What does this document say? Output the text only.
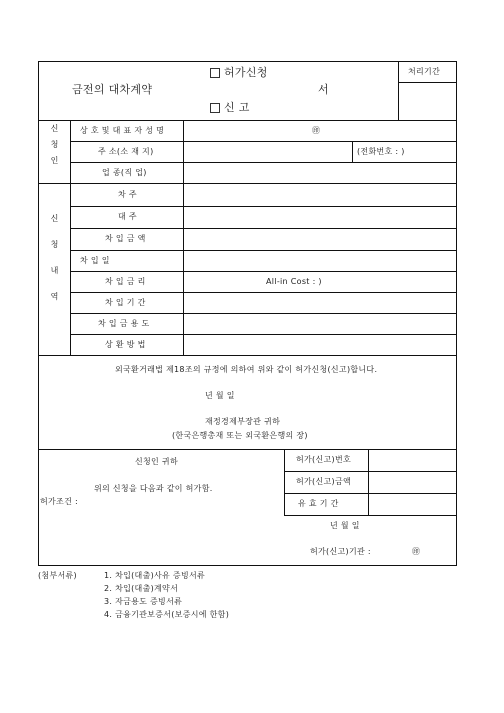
금전의 대차계약
허가신청
신 고
서
처리기간
신청인	상 호 및 대 표 자 성 명	㊞
주 소(소 재 지)	(전화번호 : )
업 종(직 업)
신청내역
차 주
대 주
차 입 금 액
차 입 일
차 입 금 리	All-in Cost : )
차 입 기 간
차 입 금 용 도
상 환 방 법
외국환거래법 제18조의 규정에 의하여 위와 같이 허가신청(신고)합니다.
년 월 일
재정경제부장관 귀하
(한국은행총재 또는 외국환은행의 장)
신청인 귀하
위의 신청을 다음과 같이 허가함.
허가조건 :
허가(신고)번호
허가(신고)금액
유 효 기 간
년 월 일
허가(신고)기관 :	㊞
(첨부서류)	1. 차입(대출)사유 증빙서류
2. 차입(대출)계약서
3. 자금용도 증빙서류
4. 금융기관보증서(보증시에 한함)
